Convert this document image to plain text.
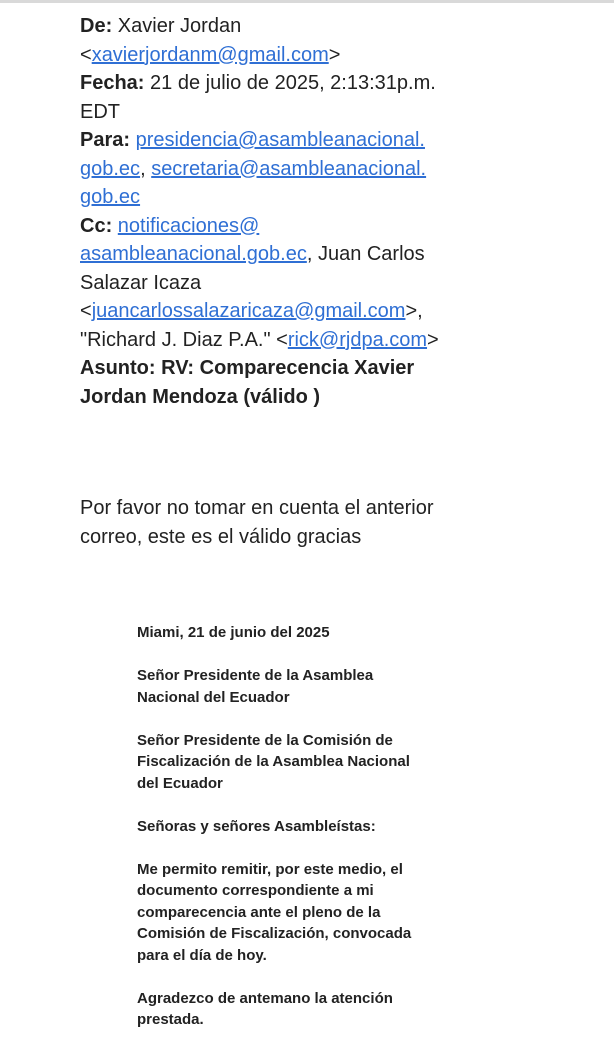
De: Xavier Jordan
<xavierjordanm@gmail.com>
Fecha: 21 de julio de 2025, 2:13:31p.m.
EDT
Para: presidencia@asambleanacional.
gob.ec, secretaria@asambleanacional.
gob.ec
Cc: notificaciones@
asambleanacional.gob.ec, Juan Carlos
Salazar Icaza
<juancarlossalazaricaza@gmail.com>,
"Richard J. Diaz P.A." <rick@rjdpa.com>
Asunto: RV: Comparecencia Xavier
Jordan Mendoza (válido )
Por favor no tomar en cuenta el anterior
correo, este es el válido gracias

Miami, 21 de junio del 2025

Señor Presidente de la Asamblea
Nacional del Ecuador

Señor Presidente de la Comisión de
Fiscalización de la Asamblea Nacional
del Ecuador

Señoras y señores Asambleístas:

Me permito remitir, por este medio, el
documento correspondiente a mi
comparecencia ante el pleno de la
Comisión de Fiscalización, convocada
para el día de hoy.

Agradezco de antemano la atención
prestada.
